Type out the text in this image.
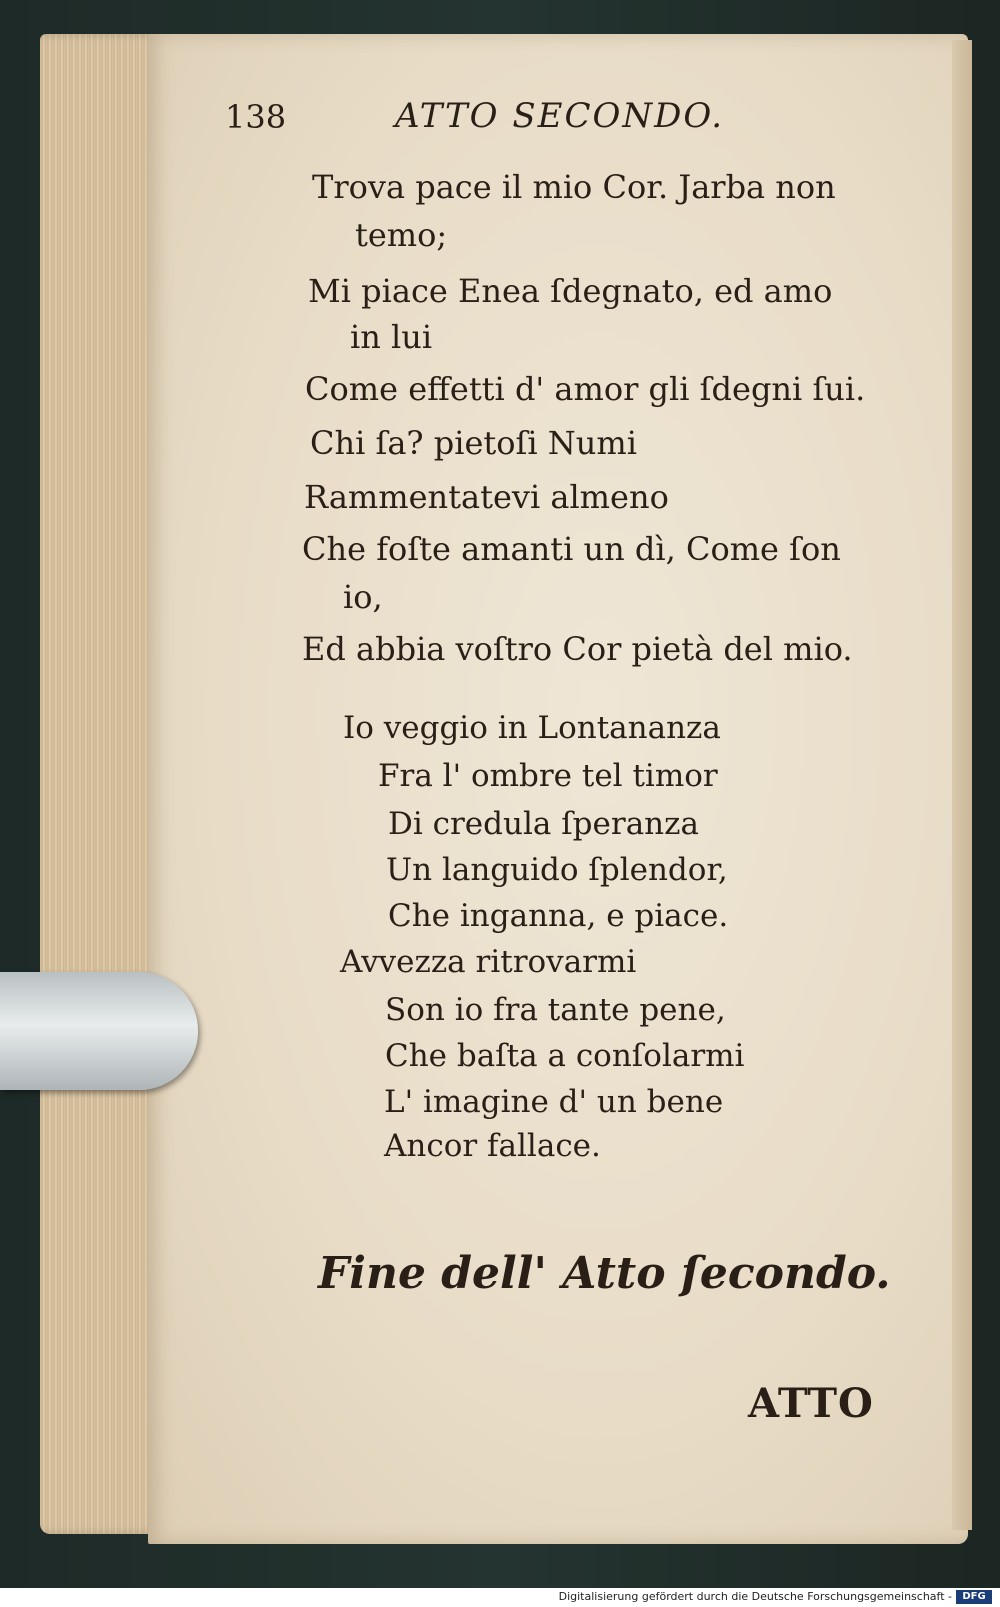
138	ATTO SECONDO.
Trova pace il mio Cor. Jarba non
temo;
Mi piace Enea ſdegnato, ed amo
in lui
Come effetti d' amor gli ſdegni ſui.
Chi ſa? pietoſi Numi
Rammentatevi almeno
Che foſte amanti un dì, Come ſon
io,
Ed abbia voſtro Cor pietà del mio.
Io veggio in Lontananza
Fra l' ombre tel timor
Di credula ſperanza
Un languido ſplendor,
Che inganna, e piace.
Avvezza ritrovarmi
Son io fra tante pene,
Che baſta a conſolarmi
L' imagine d' un bene
Ancor fallace.
Fine dell' Atto ſecondo.
ATTO
Digitalisierung gefördert durch die Deutsche Forschungsgemeinschaft -	DFG
